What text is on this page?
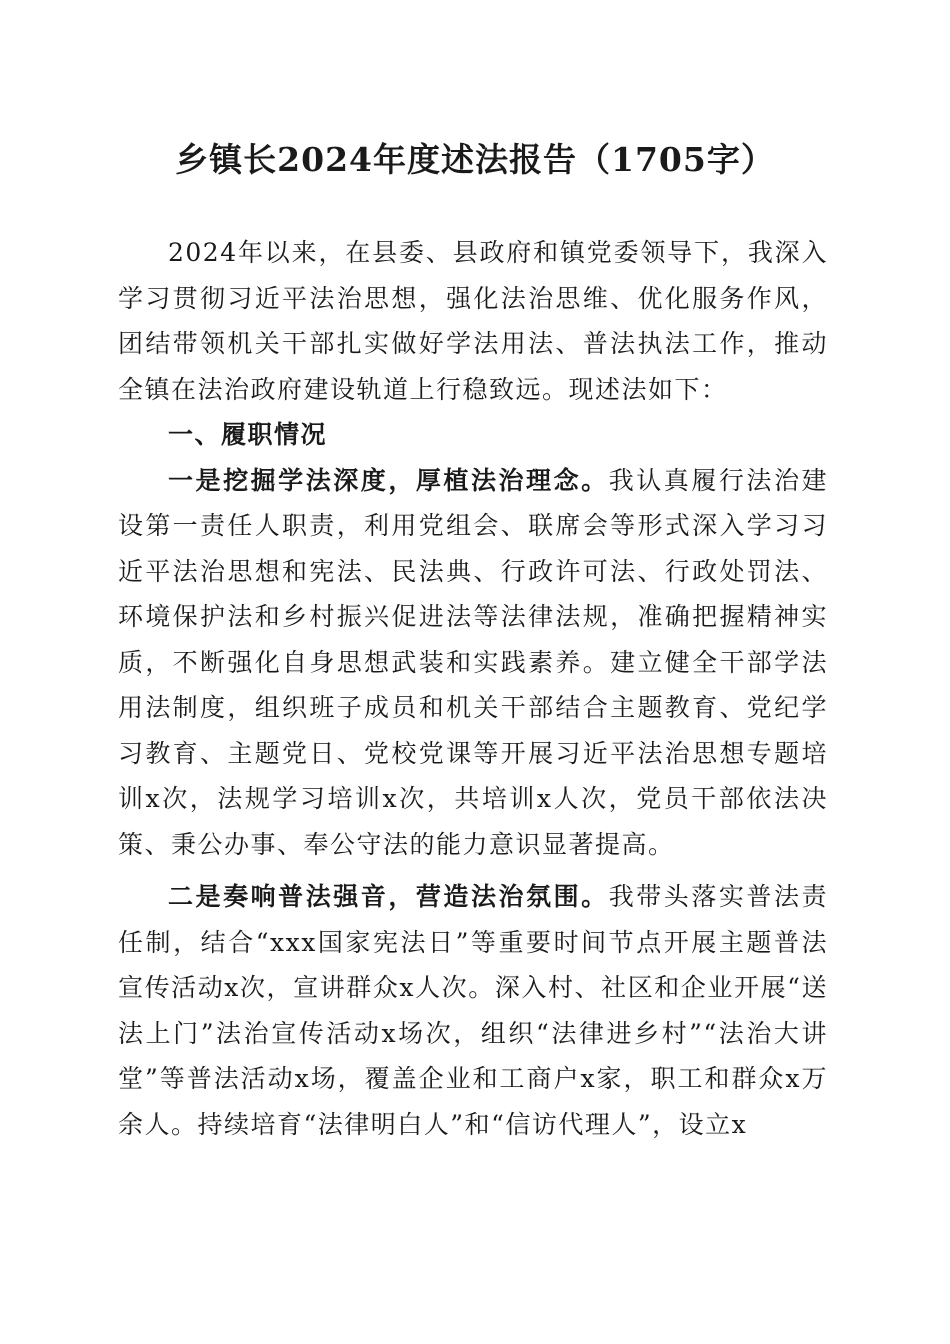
乡镇长2024年度述法报告（1705字）

2024年以来，在县委、县政府和镇党委领导下，我深入学习贯彻习近平法治思想，强化法治思维、优化服务作风，团结带领机关干部扎实做好学法用法、普法执法工作，推动全镇在法治政府建设轨道上行稳致远。现述法如下：

一、履职情况

一是挖掘学法深度，厚植法治理念。我认真履行法治建设第一责任人职责，利用党组会、联席会等形式深入学习习近平法治思想和宪法、民法典、行政许可法、行政处罚法、环境保护法和乡村振兴促进法等法律法规，准确把握精神实质，不断强化自身思想武装和实践素养。建立健全干部学法用法制度，组织班子成员和机关干部结合主题教育、党纪学习教育、主题党日、党校党课等开展习近平法治思想专题培训x次，法规学习培训x次，共培训x人次，党员干部依法决策、秉公办事、奉公守法的能力意识显著提高。

二是奏响普法强音，营造法治氛围。我带头落实普法责任制，结合“xxx国家宪法日”等重要时间节点开展主题普法宣传活动x次，宣讲群众x人次。深入村、社区和企业开展“送法上门”法治宣传活动x场次，组织“法律进乡村”“法治大讲堂”等普法活动x场，覆盖企业和工商户x家，职工和群众x万余人。持续培育“法律明白人”和“信访代理人”，设立x
